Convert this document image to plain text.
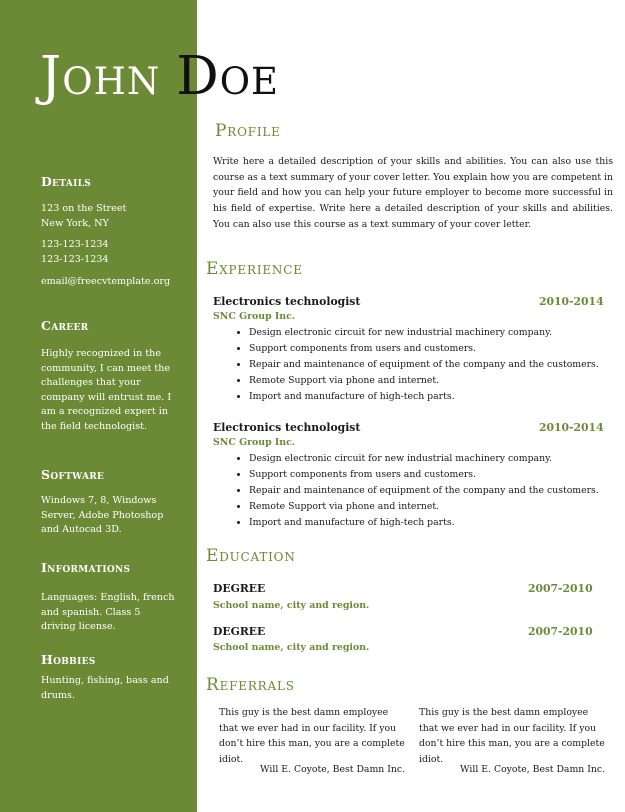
John Doe
Details
123 on the Street
New York, NY
123-123-1234
123-123-1234
email@freecvtemplate.org
Career
Highly recognized in the community, I can meet the challenges that your company will entrust me. I am a recognized expert in the field technologist.
Software
Windows 7, 8, Windows Server, Adobe Photoshop and Autocad 3D.
Informations
Languages: English, french and spanish. Class 5 driving license.
Hobbies
Hunting, fishing, bass and drums.
Profile
Write here a detailed description of your skills and abilities. You can also use this course as a text summary of your cover letter. You explain how you are competent in your field and how you can help your future employer to become more successful in his field of expertise. Write here a detailed description of your skills and abilities. You can also use this course as a text summary of your cover letter.
Experience
Electronics technologist	2010-2014
SNC Group Inc.
• Design electronic circuit for new industrial machinery company.
• Support components from users and customers.
• Repair and maintenance of equipment of the company and the customers.
• Remote Support via phone and internet.
• Import and manufacture of high-tech parts.
Electronics technologist	2010-2014
SNC Group Inc.
• Design electronic circuit for new industrial machinery company.
• Support components from users and customers.
• Repair and maintenance of equipment of the company and the customers.
• Remote Support via phone and internet.
• Import and manufacture of high-tech parts.
Education
DEGREE	2007-2010
School name, city and region.
DEGREE	2007-2010
School name, city and region.
Referrals
This guy is the best damn employee that we ever had in our facility. If you don’t hire this man, you are a complete idiot.
Will E. Coyote, Best Damn Inc.
This guy is the best damn employee that we ever had in our facility. If you don’t hire this man, you are a complete idiot.
Will E. Coyote, Best Damn Inc.
